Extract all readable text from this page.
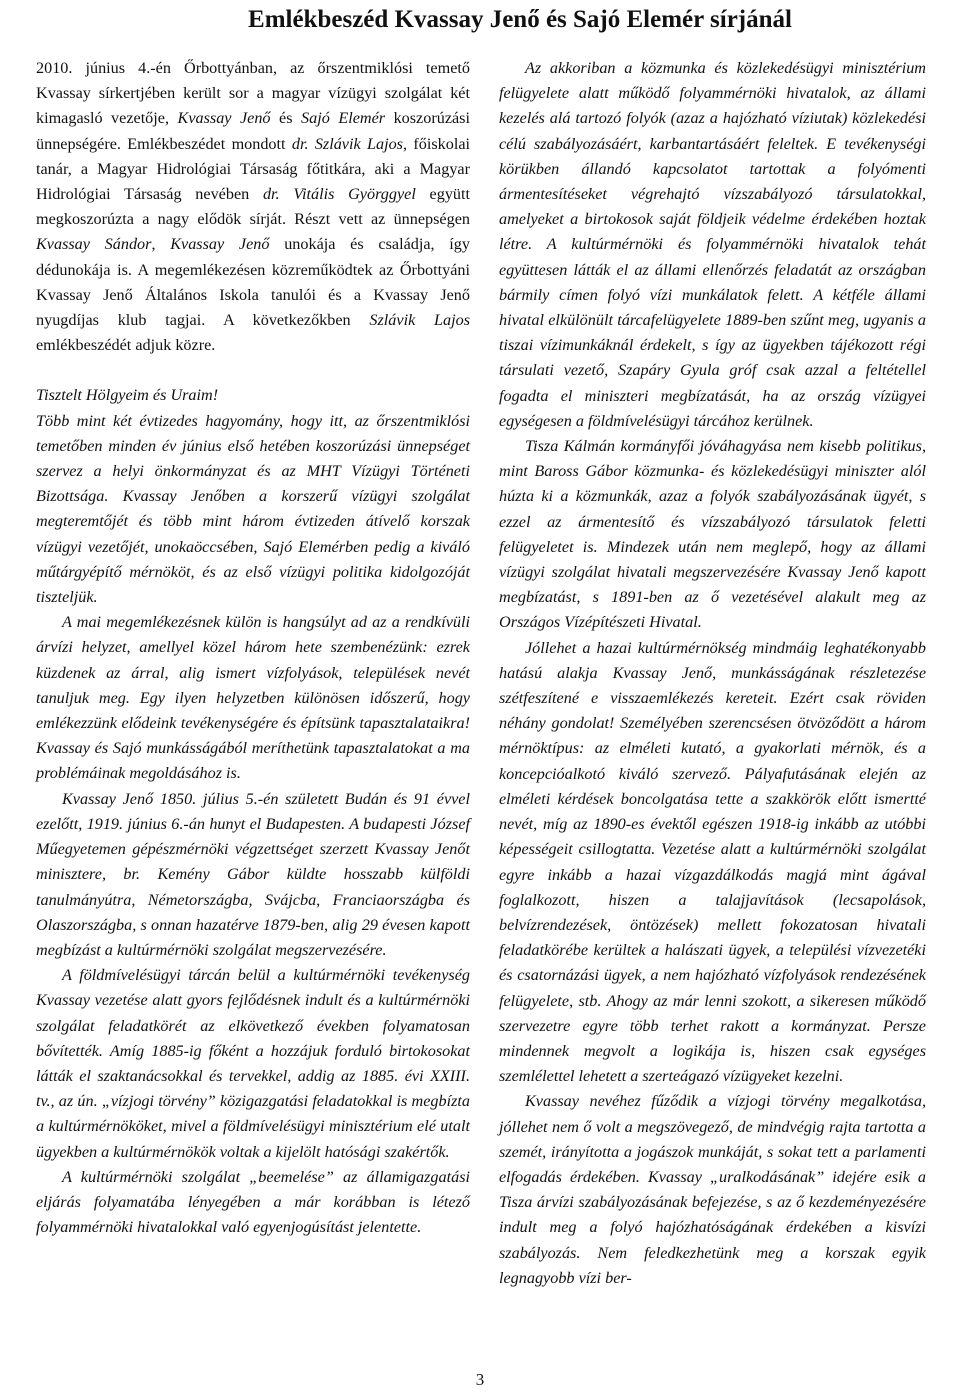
Emlékbeszéd Kvassay Jenő és Sajó Elemér sírjánál

2010. június 4.-én Őrbottyánban, az őrszentmiklósi temető Kvassay sírkertjében került sor a magyar vízügyi szolgálat két kimagasló vezetője, Kvassay Jenő és Sajó Elemér koszorúzási ünnepségére. Emlékbeszédet mondott dr. Szlávik Lajos, főiskolai tanár, a Magyar Hidrológiai Társaság főtitkára, aki a Magyar Hidrológiai Társaság nevében dr. Vitális Györggyel együtt megkoszorúzta a nagy elődök sírját. Részt vett az ünnepségen Kvassay Sándor, Kvassay Jenő unokája és családja, így dédunokája is. A megemlékezésen közreműködtek az Őrbottyáni Kvassay Jenő Általános Iskola tanulói és a Kvassay Jenő nyugdíjas klub tagjai. A következőkben Szlávik Lajos emlékbeszédét adjuk közre.

Tisztelt Hölgyeim és Uraim!

Több mint két évtizedes hagyomány, hogy itt, az őrszentmiklósi temetőben minden év június első hetében koszorúzási ünnepséget szervez a helyi önkormányzat és az MHT Vízügyi Történeti Bizottsága. Kvassay Jenőben a korszerű vízügyi szolgálat megteremtőjét és több mint három évtizeden átívelő korszak vízügyi vezetőjét, unokaöccsében, Sajó Elemérben pedig a kiváló műtárgyépítő mérnököt, és az első vízügyi politika kidolgozóját tiszteljük.

A mai megemlékezésnek külön is hangsúlyt ad az a rendkívüli árvízi helyzet, amellyel közel három hete szembenézünk: ezrek küzdenek az árral, alig ismert vízfolyások, települések nevét tanuljuk meg. Egy ilyen helyzetben különösen időszerű, hogy emlékezzünk elődeink tevékenységére és építsünk tapasztalataikra! Kvassay és Sajó munkásságából meríthetünk tapasztalatokat a ma problémáinak megoldásához is.

Kvassay Jenő 1850. július 5.-én született Budán és 91 évvel ezelőtt, 1919. június 6.-án hunyt el Budapesten. A budapesti József Műegyetemen gépészmérnöki végzettséget szerzett Kvassay Jenőt minisztere, br. Kemény Gábor küldte hosszabb külföldi tanulmányútra, Németországba, Svájcba, Franciaországba és Olaszországba, s onnan hazatérve 1879-ben, alig 29 évesen kapott megbízást a kultúrmérnöki szolgálat megszervezésére.

A földmívelésügyi tárcán belül a kultúrmérnöki tevékenység Kvassay vezetése alatt gyors fejlődésnek indult és a kultúrmérnöki szolgálat feladatkörét az elkövetkező években folyamatosan bővítették. Amíg 1885-ig főként a hozzájuk forduló birtokosokat látták el szaktanácsokkal és tervekkel, addig az 1885. évi XXIII. tv., az ún. „vízjogi törvény” közigazgatási feladatokkal is megbízta a kultúrmérnököket, mivel a földmívelésügyi minisztérium elé utalt ügyekben a kultúrmérnökök voltak a kijelölt hatósági szakértők.

A kultúrmérnöki szolgálat „beemelése” az államigazgatási eljárás folyamatába lényegében a már korábban is létező folyammérnöki hivatalokkal való egyenjogúsítást jelentette.

Az akkoriban a közmunka és közlekedésügyi minisztérium felügyelete alatt működő folyammérnöki hivatalok, az állami kezelés alá tartozó folyók (azaz a hajózható víziutak) közlekedési célú szabályozásáért, karbantartásáért feleltek. E tevékenységi körükben állandó kapcsolatot tartottak a folyómenti ármentesítéseket végrehajtó vízszabályozó társulatokkal, amelyeket a birtokosok saját földjeik védelme érdekében hoztak létre. A kultúrmérnöki és folyammérnöki hivatalok tehát együttesen látták el az állami ellenőrzés feladatát az országban bármily címen folyó vízi munkálatok felett. A kétféle állami hivatal elkülönült tárcafelügyelete 1889-ben szűnt meg, ugyanis a tiszai vízimunkáknál érdekelt, s így az ügyekben tájékozott régi társulati vezető, Szapáry Gyula gróf csak azzal a feltétellel fogadta el miniszteri megbízatását, ha az ország vízügyei egységesen a földmívelésügyi tárcához kerülnek.

Tisza Kálmán kormányfői jóváhagyása nem kisebb politikus, mint Baross Gábor közmunka- és közlekedésügyi miniszter alól húzta ki a közmunkák, azaz a folyók szabályozásának ügyét, s ezzel az ármentesítő és vízszabályozó társulatok feletti felügyeletet is. Mindezek után nem meglepő, hogy az állami vízügyi szolgálat hivatali megszervezésére Kvassay Jenő kapott megbízatást, s 1891-ben az ő vezetésével alakult meg az Országos Vízépítészeti Hivatal.

Jóllehet a hazai kultúrmérnökség mindmáig leghatékonyabb hatású alakja Kvassay Jenő, munkásságának részletezése szétfeszítené e visszaemlékezés kereteit. Ezért csak röviden néhány gondolat! Személyében szerencsésen ötvöződött a három mérnöktípus: az elméleti kutató, a gyakorlati mérnök, és a koncepcióalkotó kiváló szervező. Pályafutásának elején az elméleti kérdések boncolgatása tette a szakkörök előtt ismertté nevét, míg az 1890-es évektől egészen 1918-ig inkább az utóbbi képességeit csillogtatta. Vezetése alatt a kultúrmérnöki szolgálat egyre inkább a hazai vízgazdálkodás magjá mint ágával foglalkozott, hiszen a talajjavítások (lecsapolások, belvízrendezések, öntözések) mellett fokozatosan hivatali feladatkörébe kerültek a halászati ügyek, a települési vízvezetéki és csatornázási ügyek, a nem hajózható vízfolyások rendezésének felügyelete, stb. Ahogy az már lenni szokott, a sikeresen működő szervezetre egyre több terhet rakott a kormányzat. Persze mindennek megvolt a logikája is, hiszen csak egységes szemlélettel lehetett a szerteágazó vízügyeket kezelni.

Kvassay nevéhez fűződik a vízjogi törvény megalkotása, jóllehet nem ő volt a megszövegező, de mindvégig rajta tartotta a szemét, irányította a jogászok munkáját, s sokat tett a parlamenti elfogadás érdekében. Kvassay „uralkodásának” idejére esik a Tisza árvízi szabályozásának befejezése, s az ő kezdeményezésére indult meg a folyó hajózhatóságának érdekében a kisvízi szabályozás. Nem feledkezhetünk meg a korszak egyik legnagyobb vízi ber-

3
